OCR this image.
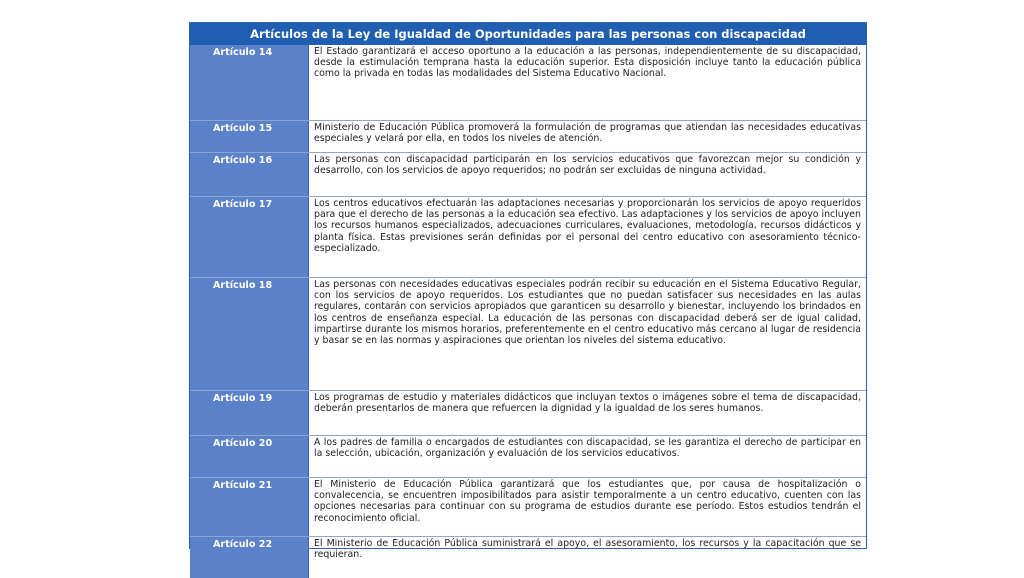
Artículos de la Ley de Igualdad de Oportunidades para las personas con discapacidad
Artículo 14	El Estado garantizará el acceso oportuno a la educación a las personas, independientemente de su discapacidad, desde la estimulación temprana hasta la educación superior. Esta disposición incluye tanto la educación pública como la privada en todas las modalidades del Sistema Educativo Nacional.
Artículo 15	Ministerio de Educación Pública promoverá la formulación de programas que atiendan las necesidades educativas especiales y velará por ella, en todos los niveles de atención.
Artículo 16	Las personas con discapacidad participarán en los servicios educativos que favorezcan mejor su condición y desarrollo, con los servicios de apoyo requeridos; no podrán ser excluidas de ninguna actividad.
Artículo 17	Los centros educativos efectuarán las adaptaciones necesarias y proporcionarán los servicios de apoyo requeridos para que el derecho de las personas a la educación sea efectivo. Las adaptaciones y los servicios de apoyo incluyen los recursos humanos especializados, adecuaciones curriculares, evaluaciones, metodología, recursos didácticos y planta física. Estas previsiones serán definidas por el personal del centro educativo con asesoramiento técnico-especializado.
Artículo 18	Las personas con necesidades educativas especiales podrán recibir su educación en el Sistema Educativo Regular, con los servicios de apoyo requeridos. Los estudiantes que no puedan satisfacer sus necesidades en las aulas regulares, contarán con servicios apropiados que garanticen su desarrollo y bienestar, incluyendo los brindados en los centros de enseñanza especial. La educación de las personas con discapacidad deberá ser de igual calidad, impartirse durante los mismos horarios, preferentemente en el centro educativo más cercano al lugar de residencia y basar se en las normas y aspiraciones que orientan los niveles del sistema educativo.
Artículo 19	Los programas de estudio y materiales didácticos que incluyan textos o imágenes sobre el tema de discapacidad, deberán presentarlos de manera que refuercen la dignidad y la igualdad de los seres humanos.
Artículo 20	A los padres de familia o encargados de estudiantes con discapacidad, se les garantiza el derecho de participar en la selección, ubicación, organización y evaluación de los servicios educativos.
Artículo 21	El Ministerio de Educación Pública garantizará que los estudiantes que, por causa de hospitalización o convalecencia, se encuentren imposibilitados para asistir temporalmente a un centro educativo, cuenten con las opciones necesarias para continuar con su programa de estudios durante ese período. Estos estudios tendrán el reconocimiento oficial.
Artículo 22	El Ministerio de Educación Pública suministrará el apoyo, el asesoramiento, los recursos y la capacitación que se requieran.
